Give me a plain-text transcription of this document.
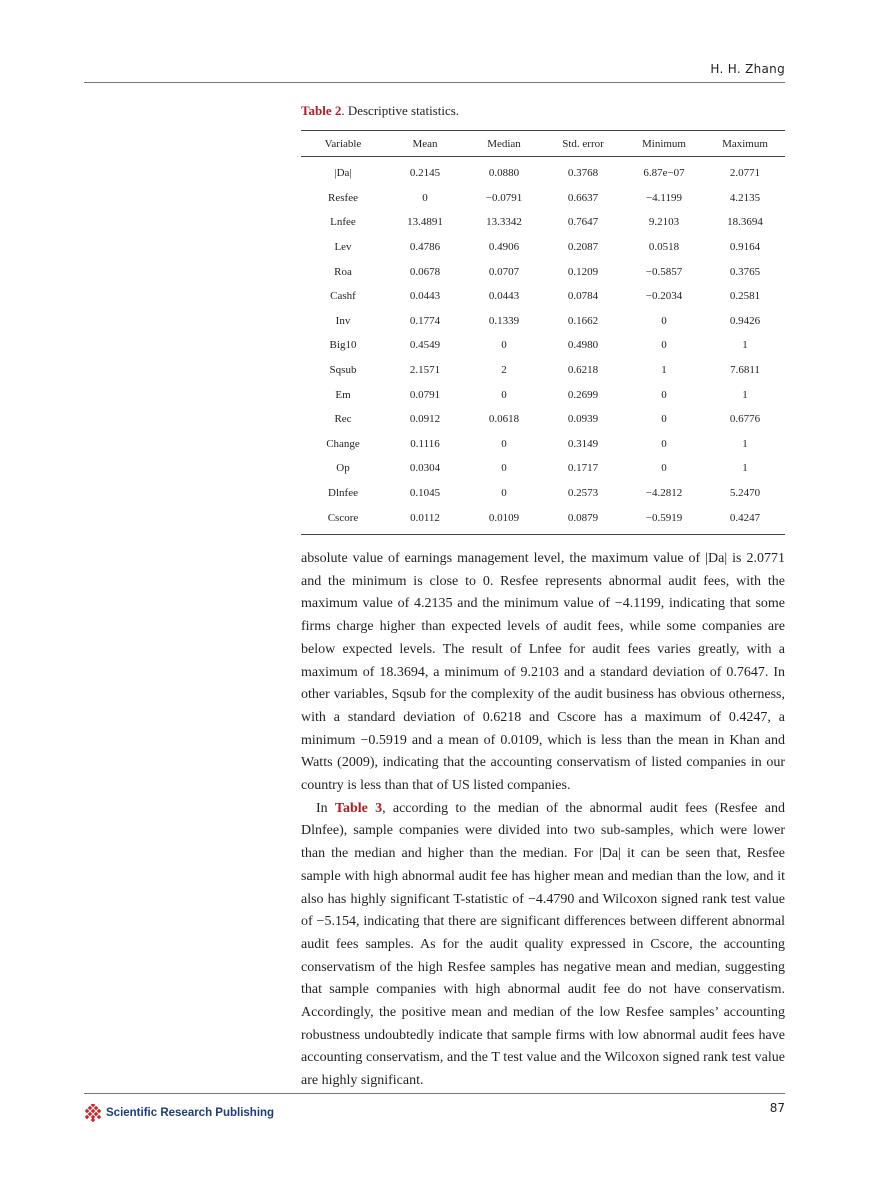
H. H. Zhang
Table 2. Descriptive statistics.
Variable	Mean	Median	Std. error	Minimum	Maximum
|Da|	0.2145	0.0880	0.3768	6.87e−07	2.0771
Resfee	0	−0.0791	0.6637	−4.1199	4.2135
Lnfee	13.4891	13.3342	0.7647	9.2103	18.3694
Lev	0.4786	0.4906	0.2087	0.0518	0.9164
Roa	0.0678	0.0707	0.1209	−0.5857	0.3765
Cashf	0.0443	0.0443	0.0784	−0.2034	0.2581
Inv	0.1774	0.1339	0.1662	0	0.9426
Big10	0.4549	0	0.4980	0	1
Sqsub	2.1571	2	0.6218	1	7.6811
Em	0.0791	0	0.2699	0	1
Rec	0.0912	0.0618	0.0939	0	0.6776
Change	0.1116	0	0.3149	0	1
Op	0.0304	0	0.1717	0	1
Dlnfee	0.1045	0	0.2573	−4.2812	5.2470
Cscore	0.0112	0.0109	0.0879	−0.5919	0.4247

absolute value of earnings management level, the maximum value of |Da| is 2.0771 and the minimum is close to 0. Resfee represents abnormal audit fees, with the maximum value of 4.2135 and the minimum value of −4.1199, indicating that some firms charge higher than expected levels of audit fees, while some companies are below expected levels. The result of Lnfee for audit fees varies greatly, with a maximum of 18.3694, a minimum of 9.2103 and a standard deviation of 0.7647. In other variables, Sqsub for the complexity of the audit business has obvious otherness, with a standard deviation of 0.6218 and Cscore has a maximum of 0.4247, a minimum −0.5919 and a mean of 0.0109, which is less than the mean in Khan and Watts (2009), indicating that the accounting conservatism of listed companies in our country is less than that of US listed companies.

In Table 3, according to the median of the abnormal audit fees (Resfee and Dlnfee), sample companies were divided into two sub-samples, which were lower than the median and higher than the median. For |Da| it can be seen that, Resfee sample with high abnormal audit fee has higher mean and median than the low, and it also has highly significant T-statistic of −4.4790 and Wilcoxon signed rank test value of −5.154, indicating that there are significant differences between different abnormal audit fees samples. As for the audit quality expressed in Cscore, the accounting conservatism of the high Resfee samples has negative mean and median, suggesting that sample companies with high abnormal audit fee do not have conservatism. Accordingly, the positive mean and median of the low Resfee samples’ accounting robustness undoubtedly indicate that sample firms with low abnormal audit fees have accounting conservatism, and the T test value and the Wilcoxon signed rank test value are highly significant.

Scientific Research Publishing	87
